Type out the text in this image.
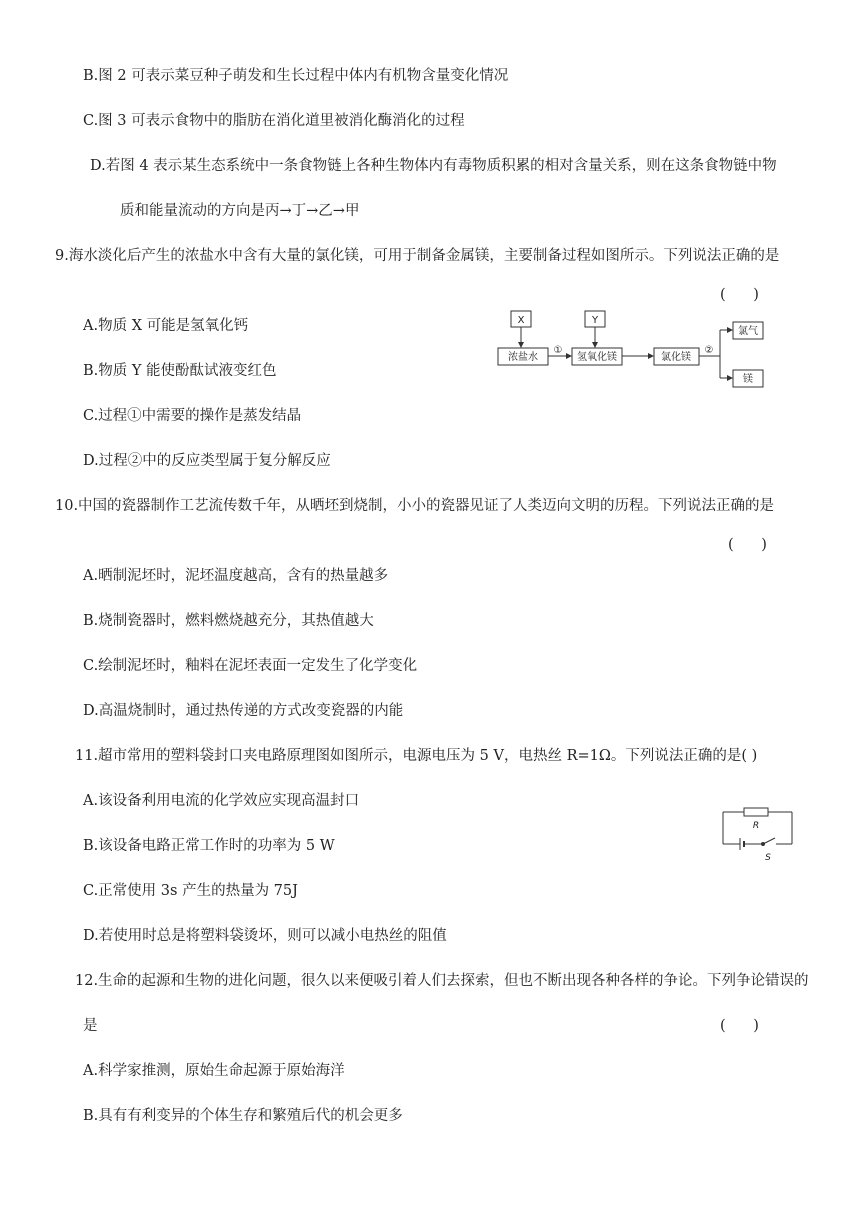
B.图 2 可表示菜豆种子萌发和生长过程中体内有机物含量变化情况
C.图 3 可表示食物中的脂肪在消化道里被消化酶消化的过程
D.若图 4 表示某生态系统中一条食物链上各种生物体内有毒物质积累的相对含量关系，则在这条食物链中物
质和能量流动的方向是丙→丁→乙→甲
9.海水淡化后产生的浓盐水中含有大量的氯化镁，可用于制备金属镁，主要制备过程如图所示。下列说法正确的是
(      )
A.物质 X 可能是氢氧化钙
B.物质 Y 能使酚酞试液变红色
C.过程①中需要的操作是蒸发结晶
D.过程②中的反应类型属于复分解反应
X	Y
浓盐水
①
氢氧化镁	氯化镁
②
氯气
镁
10.中国的瓷器制作工艺流传数千年，从晒坯到烧制，小小的瓷器见证了人类迈向文明的历程。下列说法正确的是
(      )
A.晒制泥坯时，泥坯温度越高，含有的热量越多
B.烧制瓷器时，燃料燃烧越充分，其热值越大
C.绘制泥坯时，釉料在泥坯表面一定发生了化学变化
D.高温烧制时，通过热传递的方式改变瓷器的内能
11.超市常用的塑料袋封口夹电路原理图如图所示，电源电压为 5 V，电热丝 R=1Ω。下列说法正确的是( )
A.该设备利用电流的化学效应实现高温封口
B.该设备电路正常工作时的功率为 5 W
C.正常使用 3s 产生的热量为 75J
D.若使用时总是将塑料袋烫坏，则可以减小电热丝的阻值
R
S
12.生命的起源和生物的进化问题，很久以来便吸引着人们去探索，但也不断出现各种各样的争论。下列争论错误的
是	(      )
A.科学家推测，原始生命起源于原始海洋
B.具有有利变异的个体生存和繁殖后代的机会更多
